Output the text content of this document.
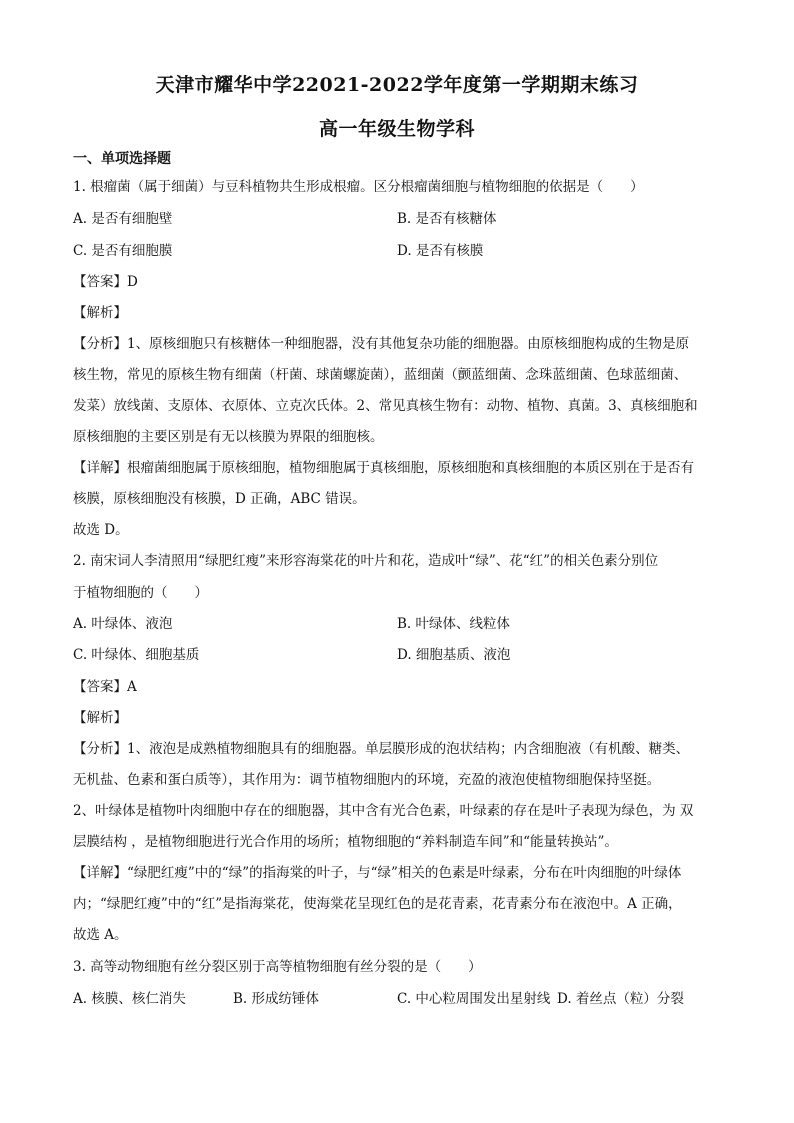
天津市耀华中学22021-2022学年度第一学期期末练习
高一年级生物学科
一、单项选择题
1. 根瘤菌（属于细菌）与豆科植物共生形成根瘤。区分根瘤菌细胞与植物细胞的依据是（　　）
A. 是否有细胞壁	B. 是否有核糖体
C. 是否有细胞膜	D. 是否有核膜
【答案】D
【解析】
【分析】1、原核细胞只有核糖体一种细胞器，没有其他复杂功能的细胞器。由原核细胞构成的生物是原
核生物，常见的原核生物有细菌（杆菌、球菌螺旋菌），蓝细菌（颤蓝细菌、念珠蓝细菌、色球蓝细菌、
发菜）放线菌、支原体、衣原体、立克次氏体。2、常见真核生物有：动物、植物、真菌。3、真核细胞和
原核细胞的主要区别是有无以核膜为界限的细胞核。
【详解】根瘤菌细胞属于原核细胞，植物细胞属于真核细胞，原核细胞和真核细胞的本质区别在于是否有
核膜，原核细胞没有核膜，D 正确，ABC 错误。
故选 D。
2. 南宋词人李清照用“绿肥红瘦”来形容海棠花的叶片和花，造成叶“绿”、花“红”的相关色素分别位
于植物细胞的（　　）
A. 叶绿体、液泡	B. 叶绿体、线粒体
C. 叶绿体、细胞基质	D. 细胞基质、液泡
【答案】A
【解析】
【分析】1、液泡是成熟植物细胞具有的细胞器。单层膜形成的泡状结构；内含细胞液（有机酸、糖类、
无机盐、色素和蛋白质等），其作用为：调节植物细胞内的环境，充盈的液泡使植物细胞保持坚挺。
2、叶绿体是植物叶肉细胞中存在的细胞器，其中含有光合色素，叶绿素的存在是叶子表现为绿色，为 双
层膜结构 ，是植物细胞进行光合作用的场所；植物细胞的“养料制造车间”和“能量转换站”。
【详解】“绿肥红瘦”中的“绿”的指海棠的叶子，与“绿”相关的色素是叶绿素，分布在叶肉细胞的叶绿体
内；“绿肥红瘦”中的“红”是指海棠花，使海棠花呈现红色的是花青素，花青素分布在液泡中。A 正确，
故选 A。
3. 高等动物细胞有丝分裂区别于高等植物细胞有丝分裂的是（　　）
A. 核膜、核仁消失	B. 形成纺锤体	C. 中心粒周围发出星射线 D. 着丝点（粒）分裂
